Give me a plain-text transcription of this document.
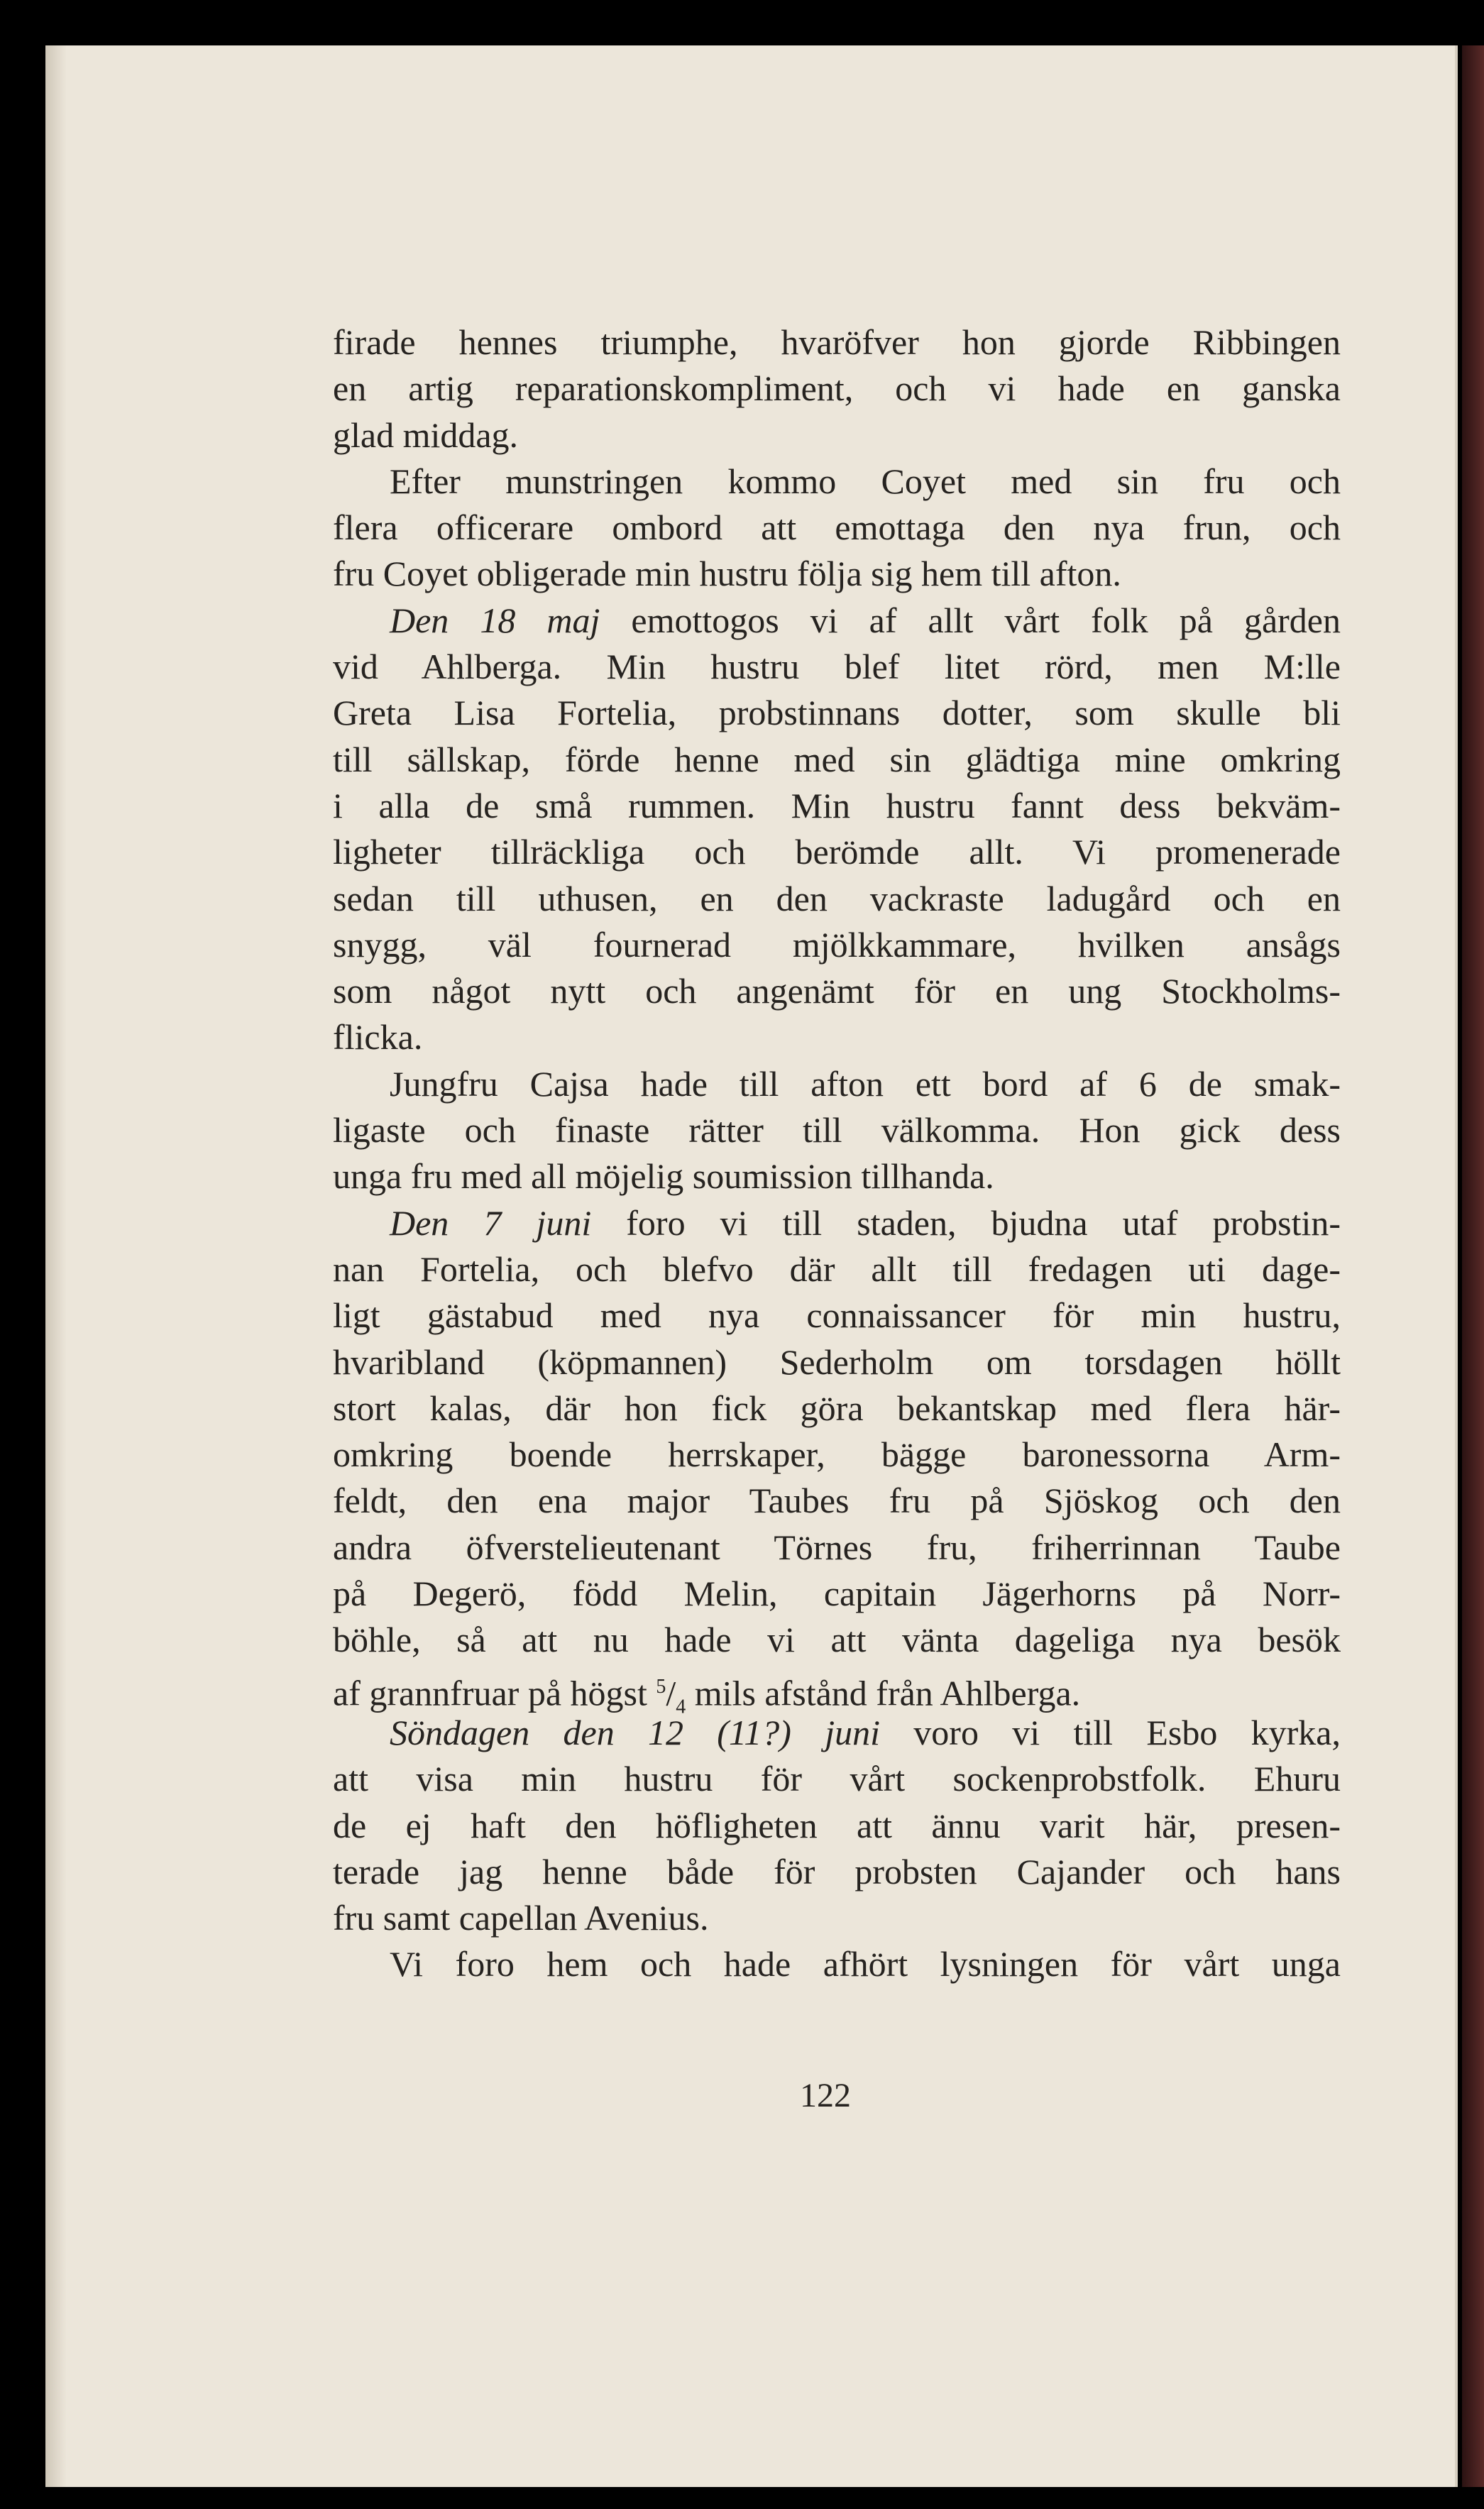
firade hennes triumphe, hvaröfver hon gjorde Ribbingen
en artig reparationskompliment, och vi hade en ganska
glad middag.
Efter munstringen kommo Coyet med sin fru och
flera officerare ombord att emottaga den nya frun, och
fru Coyet obligerade min hustru följa sig hem till afton.
Den 18 maj emottogos vi af allt vårt folk på gården
vid Ahlberga. Min hustru blef litet rörd, men M:lle
Greta Lisa Fortelia, probstinnans dotter, som skulle bli
till sällskap, förde henne med sin glädtiga mine omkring
i alla de små rummen. Min hustru fannt dess bekväm-
ligheter tillräckliga och berömde allt. Vi promenerade
sedan till uthusen, en den vackraste ladugård och en
snygg, väl fournerad mjölkkammare, hvilken ansågs
som något nytt och angenämt för en ung Stockholms-
flicka.
Jungfru Cajsa hade till afton ett bord af 6 de smak-
ligaste och finaste rätter till välkomma. Hon gick dess
unga fru med all möjelig soumission tillhanda.
Den 7 juni foro vi till staden, bjudna utaf probstin-
nan Fortelia, och blefvo där allt till fredagen uti dage-
ligt gästabud med nya connaissancer för min hustru,
hvaribland (köpmannen) Sederholm om torsdagen höllt
stort kalas, där hon fick göra bekantskap med flera här-
omkring boende herrskaper, bägge baronessorna Arm-
feldt, den ena major Taubes fru på Sjöskog och den
andra öfverstelieutenant Törnes fru, friherrinnan Taube
på Degerö, född Melin, capitain Jägerhorns på Norr-
böhle, så att nu hade vi att vänta dageliga nya besök
af grannfruar på högst $^5/_4$ mils afstånd från Ahlberga.
Söndagen den 12 (11?) juni voro vi till Esbo kyrka,
att visa min hustru för vårt sockenprobstfolk. Ehuru
de ej haft den höfligheten att ännu varit här, presen-
terade jag henne både för probsten Cajander och hans
fru samt capellan Avenius.
Vi foro hem och hade afhört lysningen för vårt unga
122
